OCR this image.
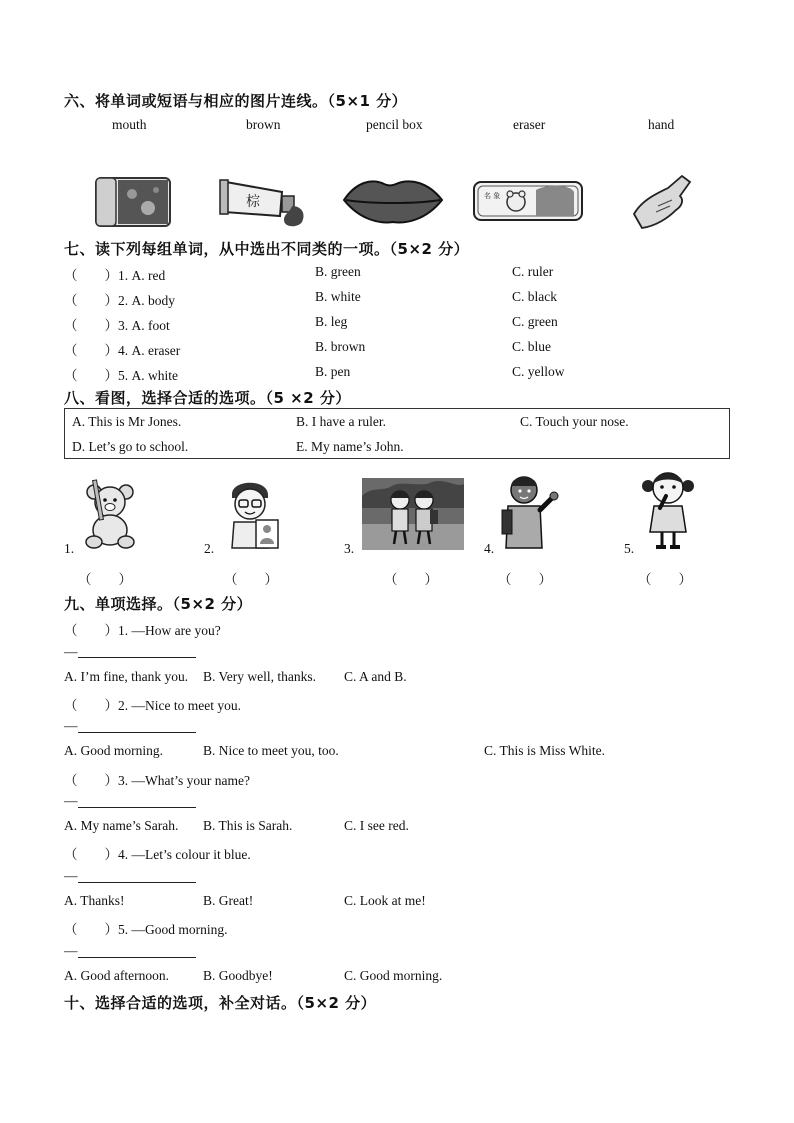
六、将单词或短语与相应的图片连线。（5×1 分）
mouth	brown	pencil box	eraser	hand
棕	名 象
七、读下列每组单词，从中选出不同类的一项。（5×2 分）
（　　）1. A. red	B. green	C. ruler
（　　）2. A. body	B. white	C. black
（　　）3. A. foot	B. leg	C. green
（　　）4. A. eraser	B. brown	C. blue
（　　）5. A. white	B. pen	C. yellow
八、看图，选择合适的选项。（5 ×2 分）
A. This is Mr Jones.	B. I have a ruler.	C. Touch your nose.
D. Let’s go to school.	E. My name’s John.
1.
（　　）
2.
（　　）
3.
（　　）
4.
（　　）
5.
（　　）
九、单项选择。（5×2 分）
（　　）1. —How are you?
—
A. I’m fine, thank you. B. Very well, thanks. C. A and B.
（　　）2. —Nice to meet you.
—
A. Good morning.	B. Nice to meet you, too.	C. This is Miss White.
（　　）3. —What’s your name?
—
A. My name’s Sarah. B. This is Sarah.	C. I see red.
（　　）4. —Let’s colour it blue.
—
A. Thanks!	B. Great!	C. Look at me!
（　　）5. —Good morning.
—
A. Good afternoon.	B. Goodbye!	C. Good morning.
十、选择合适的选项，补全对话。（5×2 分）
